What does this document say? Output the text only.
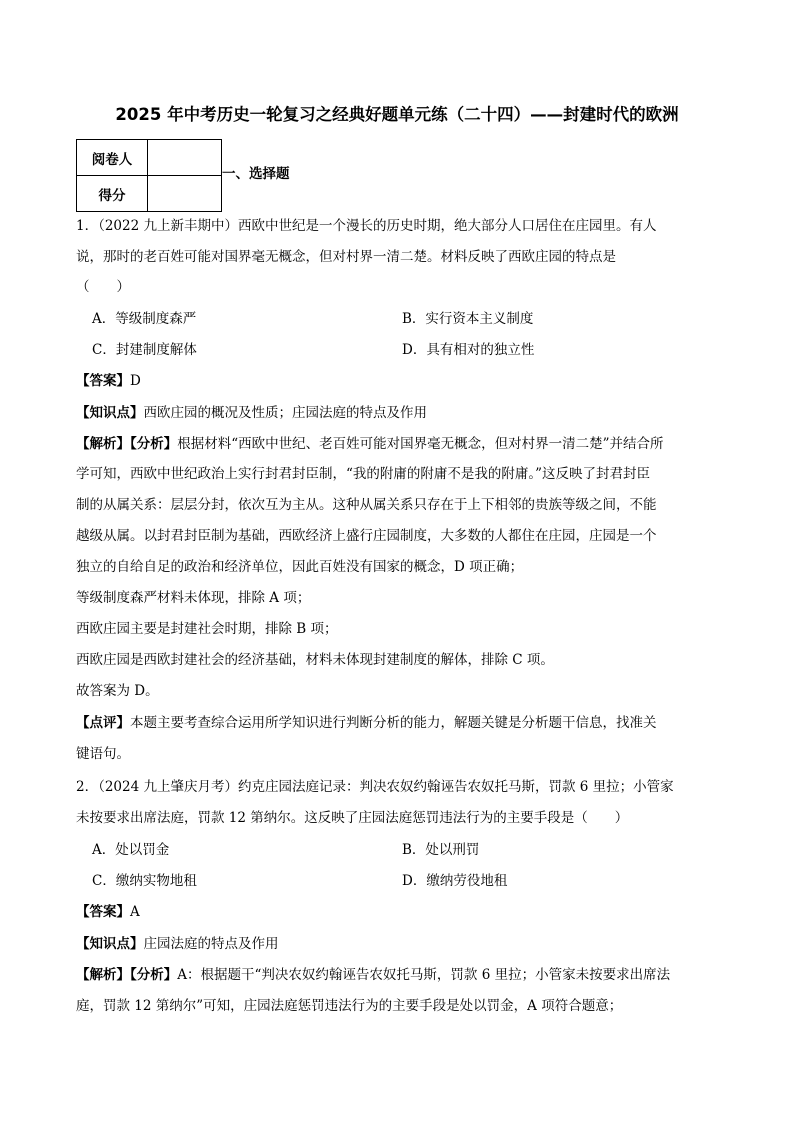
2025 年中考历史一轮复习之经典好题单元练（二十四）——封建时代的欧洲
阅卷人	
得分	
一、选择题
1．（2022 九上新丰期中）西欧中世纪是一个漫长的历史时期，绝大部分人口居住在庄园里。有人
说，那时的老百姓可能对国界毫无概念，但对村界一清二楚。材料反映了西欧庄园的特点是
（　　）
A．等级制度森严	B．实行资本主义制度
C．封建制度解体	D．具有相对的独立性
【答案】D
【知识点】西欧庄园的概况及性质；庄园法庭的特点及作用
【解析】【分析】根据材料“西欧中世纪、老百姓可能对国界毫无概念，但对村界一清二楚”并结合所
学可知，西欧中世纪政治上实行封君封臣制，“我的附庸的附庸不是我的附庸。”这反映了封君封臣
制的从属关系：层层分封，依次互为主从。这种从属关系只存在于上下相邻的贵族等级之间，不能
越级从属。以封君封臣制为基础，西欧经济上盛行庄园制度，大多数的人都住在庄园，庄园是一个
独立的自给自足的政治和经济单位，因此百姓没有国家的概念，D 项正确；
等级制度森严材料未体现，排除 A 项；
西欧庄园主要是封建社会时期，排除 B 项；
西欧庄园是西欧封建社会的经济基础，材料未体现封建制度的解体，排除 C 项。
故答案为 D。
【点评】本题主要考查综合运用所学知识进行判断分析的能力，解题关键是分析题干信息，找准关
键语句。
2．（2024 九上肇庆月考）约克庄园法庭记录：判决农奴约翰诬告农奴托马斯，罚款 6 里拉；小管家
未按要求出席法庭，罚款 12 第纳尔。这反映了庄园法庭惩罚违法行为的主要手段是（　　）
A．处以罚金	B．处以刑罚
C．缴纳实物地租	D．缴纳劳役地租
【答案】A
【知识点】庄园法庭的特点及作用
【解析】【分析】A：根据题干“判决农奴约翰诬告农奴托马斯，罚款 6 里拉；小管家未按要求出席法
庭，罚款 12 第纳尔”可知，庄园法庭惩罚违法行为的主要手段是处以罚金，A 项符合题意；
